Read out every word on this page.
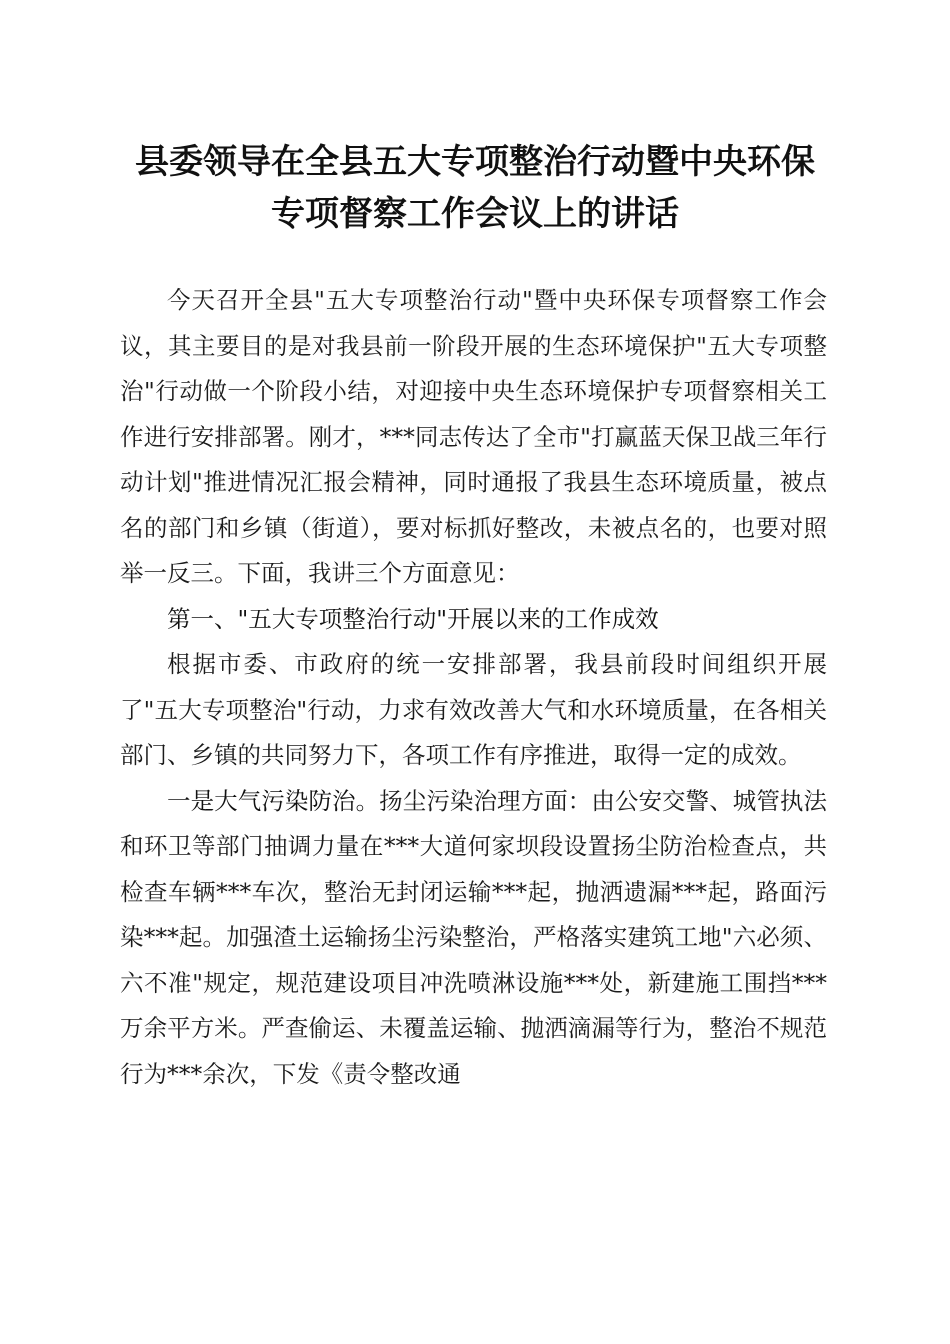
县委领导在全县五大专项整治行动暨中央环保
专项督察工作会议上的讲话

今天召开全县"五大专项整治行动"暨中央环保专项督察工作会议，其主要目的是对我县前一阶段开展的生态环境保护"五大专项整治"行动做一个阶段小结，对迎接中央生态环境保护专项督察相关工作进行安排部署。刚才，***同志传达了全市"打赢蓝天保卫战三年行动计划"推进情况汇报会精神，同时通报了我县生态环境质量，被点名的部门和乡镇（街道），要对标抓好整改，未被点名的，也要对照举一反三。下面，我讲三个方面意见：

第一、"五大专项整治行动"开展以来的工作成效

根据市委、市政府的统一安排部署，我县前段时间组织开展了"五大专项整治"行动，力求有效改善大气和水环境质量，在各相关部门、乡镇的共同努力下，各项工作有序推进，取得一定的成效。

一是大气污染防治。扬尘污染治理方面：由公安交警、城管执法和环卫等部门抽调力量在***大道何家坝段设置扬尘防治检查点，共检查车辆***车次，整治无封闭运输***起，抛洒遗漏***起，路面污染***起。加强渣土运输扬尘污染整治，严格落实建筑工地"六必须、六不准"规定，规范建设项目冲洗喷淋设施***处，新建施工围挡***万余平方米。严查偷运、未覆盖运输、抛洒滴漏等行为，整治不规范行为***余次，下发《责令整改通
